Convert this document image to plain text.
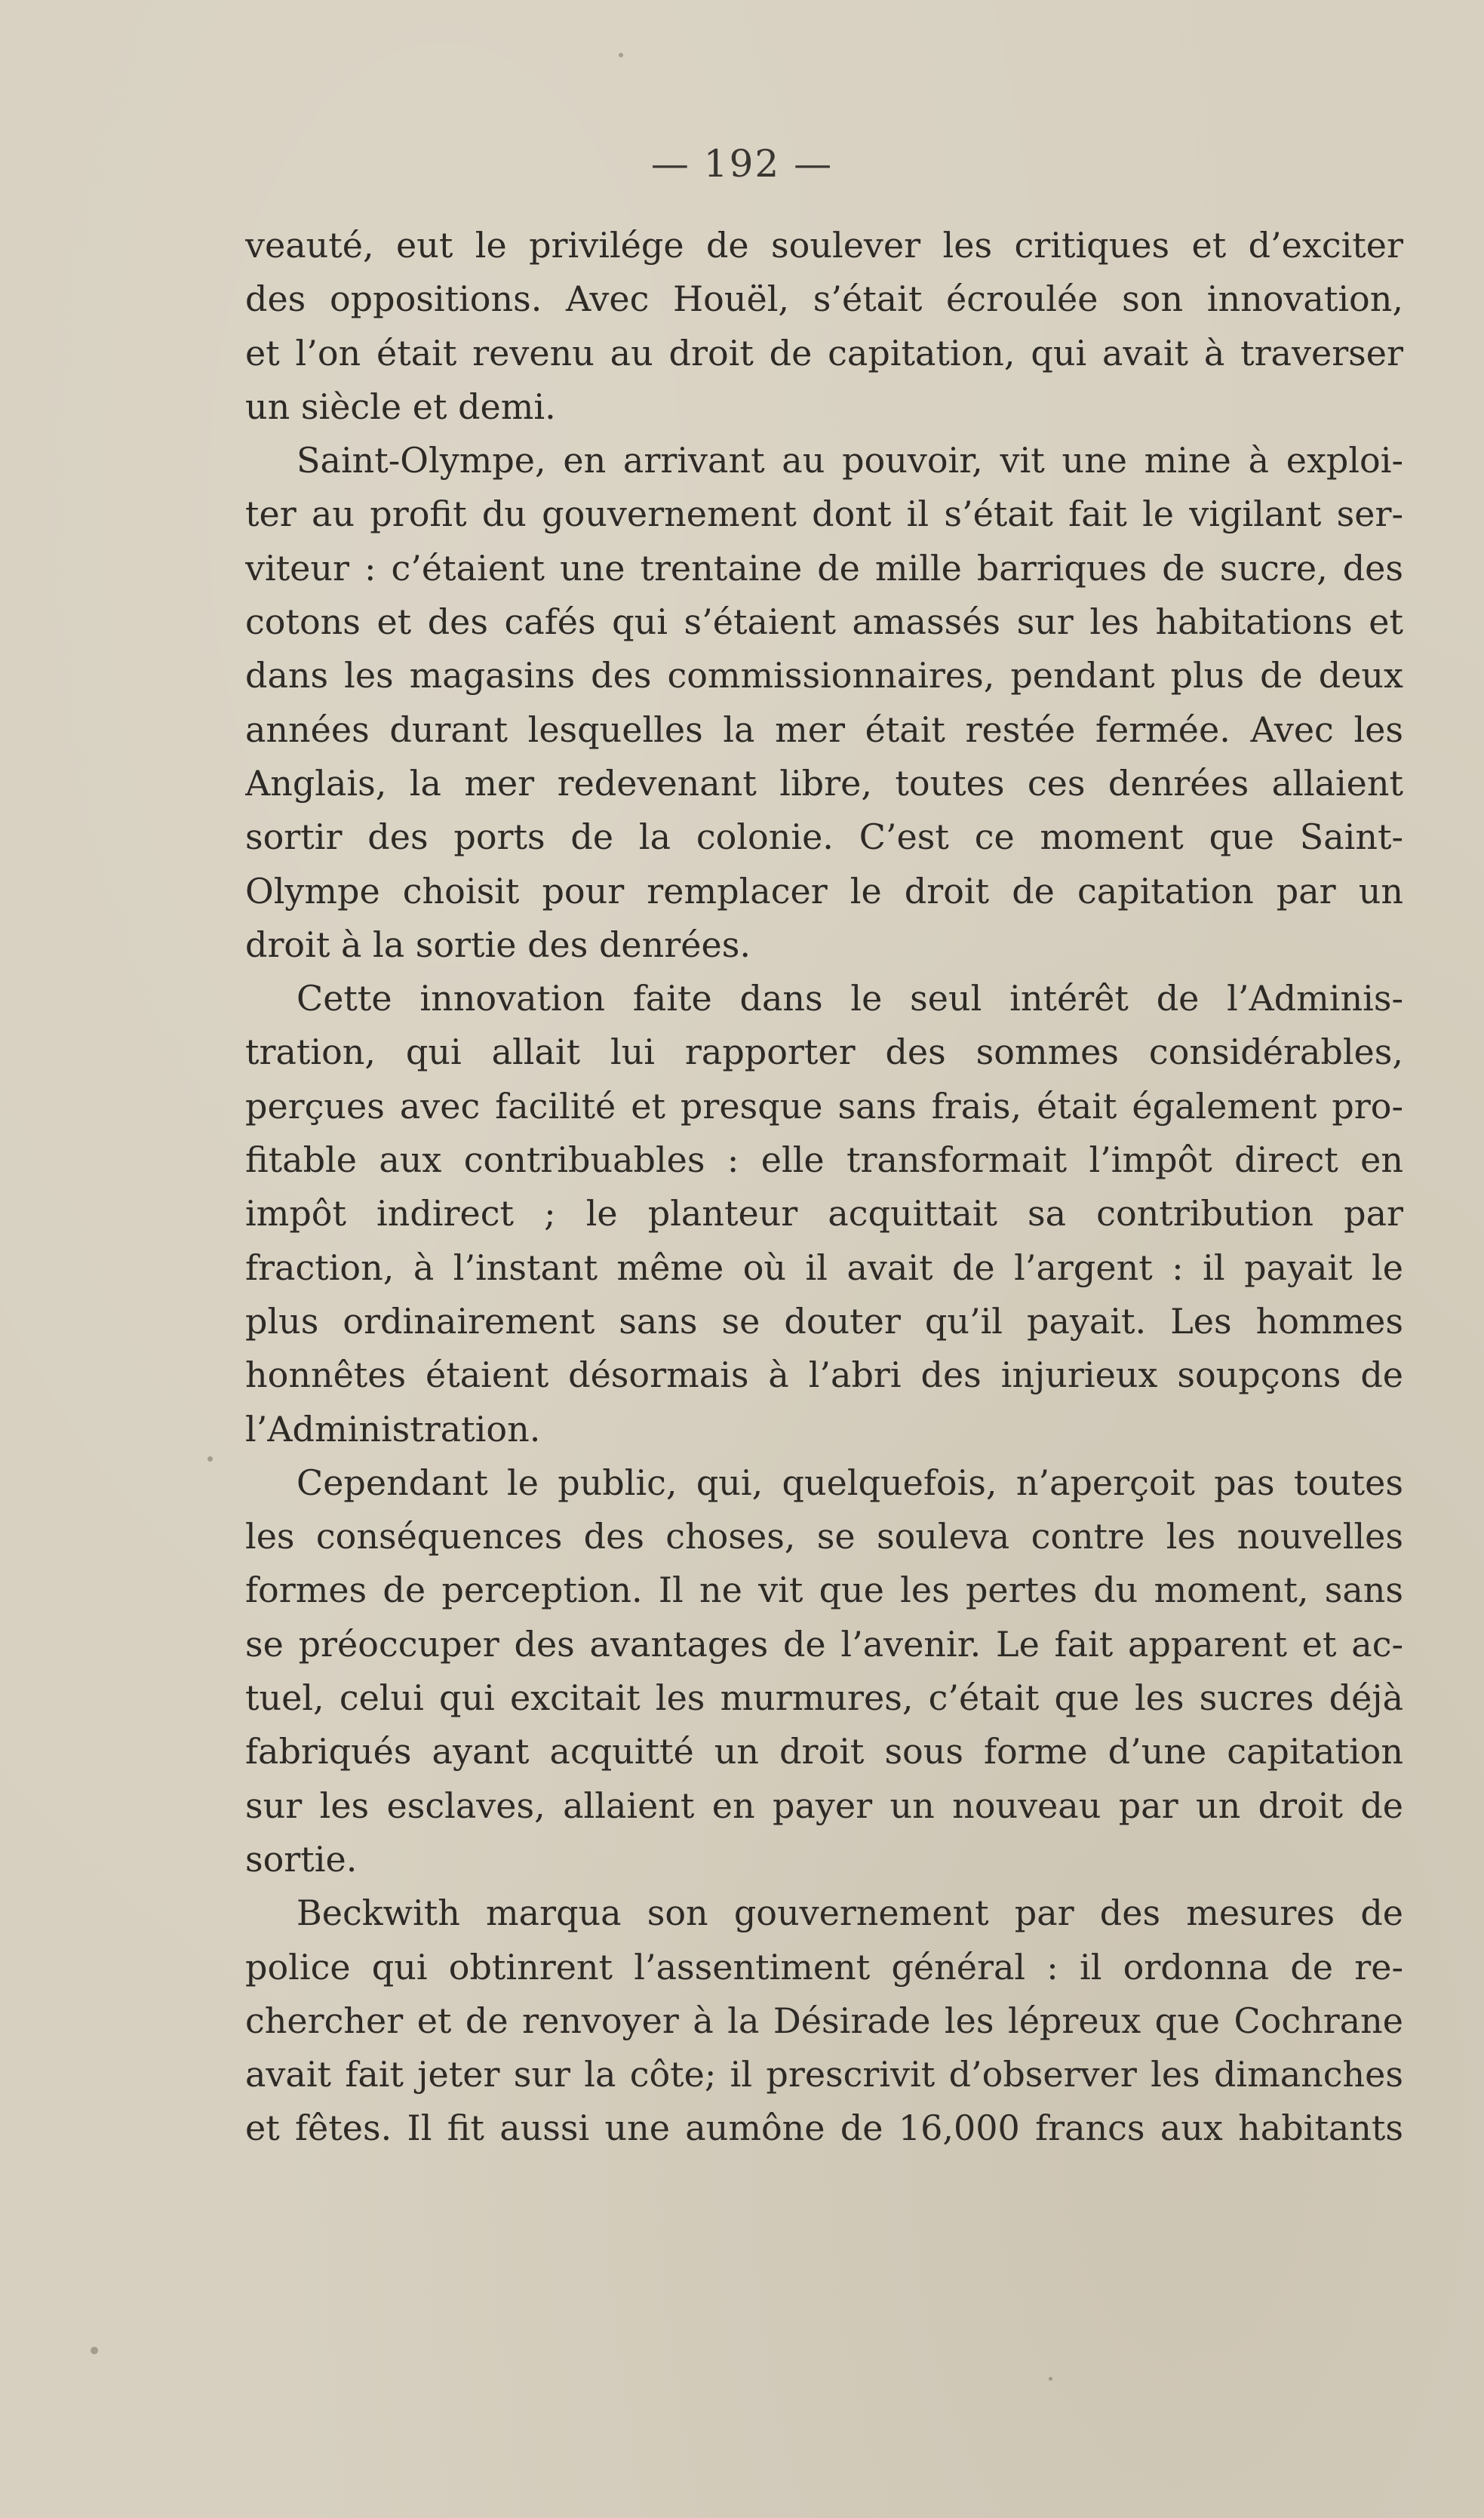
— 192 —
veauté, eut le privilége de soulever les critiques et d’exciter
des oppositions. Avec Houël, s’était écroulée son innovation,
et l’on était revenu au droit de capitation, qui avait à traverser
un siècle et demi.
Saint-Olympe, en arrivant au pouvoir, vit une mine à exploi-
ter au profit du gouvernement dont il s’était fait le vigilant ser-
viteur : c’étaient une trentaine de mille barriques de sucre, des
cotons et des cafés qui s’étaient amassés sur les habitations et
dans les magasins des commissionnaires, pendant plus de deux
années durant lesquelles la mer était restée fermée. Avec les
Anglais, la mer redevenant libre, toutes ces denrées allaient
sortir des ports de la colonie. C’est ce moment que Saint-
Olympe choisit pour remplacer le droit de capitation par un
droit à la sortie des denrées.
Cette innovation faite dans le seul intérêt de l’Adminis-
tration, qui allait lui rapporter des sommes considérables,
perçues avec facilité et presque sans frais, était également pro-
fitable aux contribuables : elle transformait l’impôt direct en
impôt indirect ; le planteur acquittait sa contribution par
fraction, à l’instant même où il avait de l’argent : il payait le
plus ordinairement sans se douter qu’il payait. Les hommes
honnêtes étaient désormais à l’abri des injurieux soupçons de
l’Administration.
Cependant le public, qui, quelquefois, n’aperçoit pas toutes
les conséquences des choses, se souleva contre les nouvelles
formes de perception. Il ne vit que les pertes du moment, sans
se préoccuper des avantages de l’avenir. Le fait apparent et ac-
tuel, celui qui excitait les murmures, c’était que les sucres déjà
fabriqués ayant acquitté un droit sous forme d’une capitation
sur les esclaves, allaient en payer un nouveau par un droit de
sortie.
Beckwith marqua son gouvernement par des mesures de
police qui obtinrent l’assentiment général : il ordonna de re-
chercher et de renvoyer à la Désirade les lépreux que Cochrane
avait fait jeter sur la côte; il prescrivit d’observer les dimanches
et fêtes. Il fit aussi une aumône de 16,000 francs aux habitants
